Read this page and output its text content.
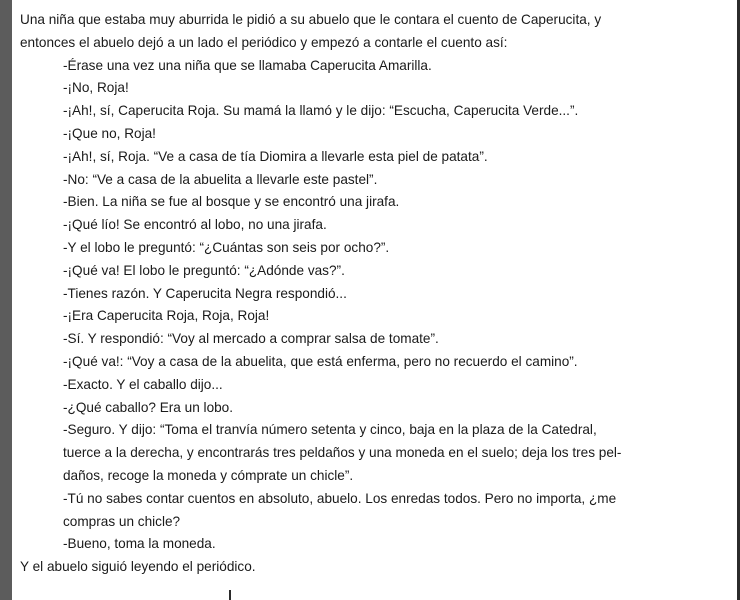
Una niña que estaba muy aburrida le pidió a su abuelo que le contara el cuento de Caperucita, y

entonces el abuelo dejó a un lado el periódico y empezó a contarle el cuento así:

-Érase una vez una niña que se llamaba Caperucita Amarilla.

-¡No, Roja!

-¡Ah!, sí, Caperucita Roja. Su mamá la llamó y le dijo: “Escucha, Caperucita Verde...”.

-¡Que no, Roja!

-¡Ah!, sí, Roja. “Ve a casa de tía Diomira a llevarle esta piel de patata”.

-No: “Ve a casa de la abuelita a llevarle este pastel”.

-Bien. La niña se fue al bosque y se encontró una jirafa.

-¡Qué lío! Se encontró al lobo, no una jirafa.

-Y el lobo le preguntó: “¿Cuántas son seis por ocho?”.

-¡Qué va! El lobo le preguntó: “¿Adónde vas?”.

-Tienes razón. Y Caperucita Negra respondió...

-¡Era Caperucita Roja, Roja, Roja!

-Sí. Y respondió: “Voy al mercado a comprar salsa de tomate”.

-¡Qué va!: “Voy a casa de la abuelita, que está enferma, pero no recuerdo el camino”.

-Exacto. Y el caballo dijo...

-¿Qué caballo? Era un lobo.

-Seguro. Y dijo: “Toma el tranvía número setenta y cinco, baja en la plaza de la Catedral,

tuerce a la derecha, y encontrarás tres peldaños y una moneda en el suelo; deja los tres pel-

daños, recoge la moneda y cómprate un chicle”.

-Tú no sabes contar cuentos en absoluto, abuelo. Los enredas todos. Pero no importa, ¿me

compras un chicle?

-Bueno, toma la moneda.

Y el abuelo siguió leyendo el periódico.
